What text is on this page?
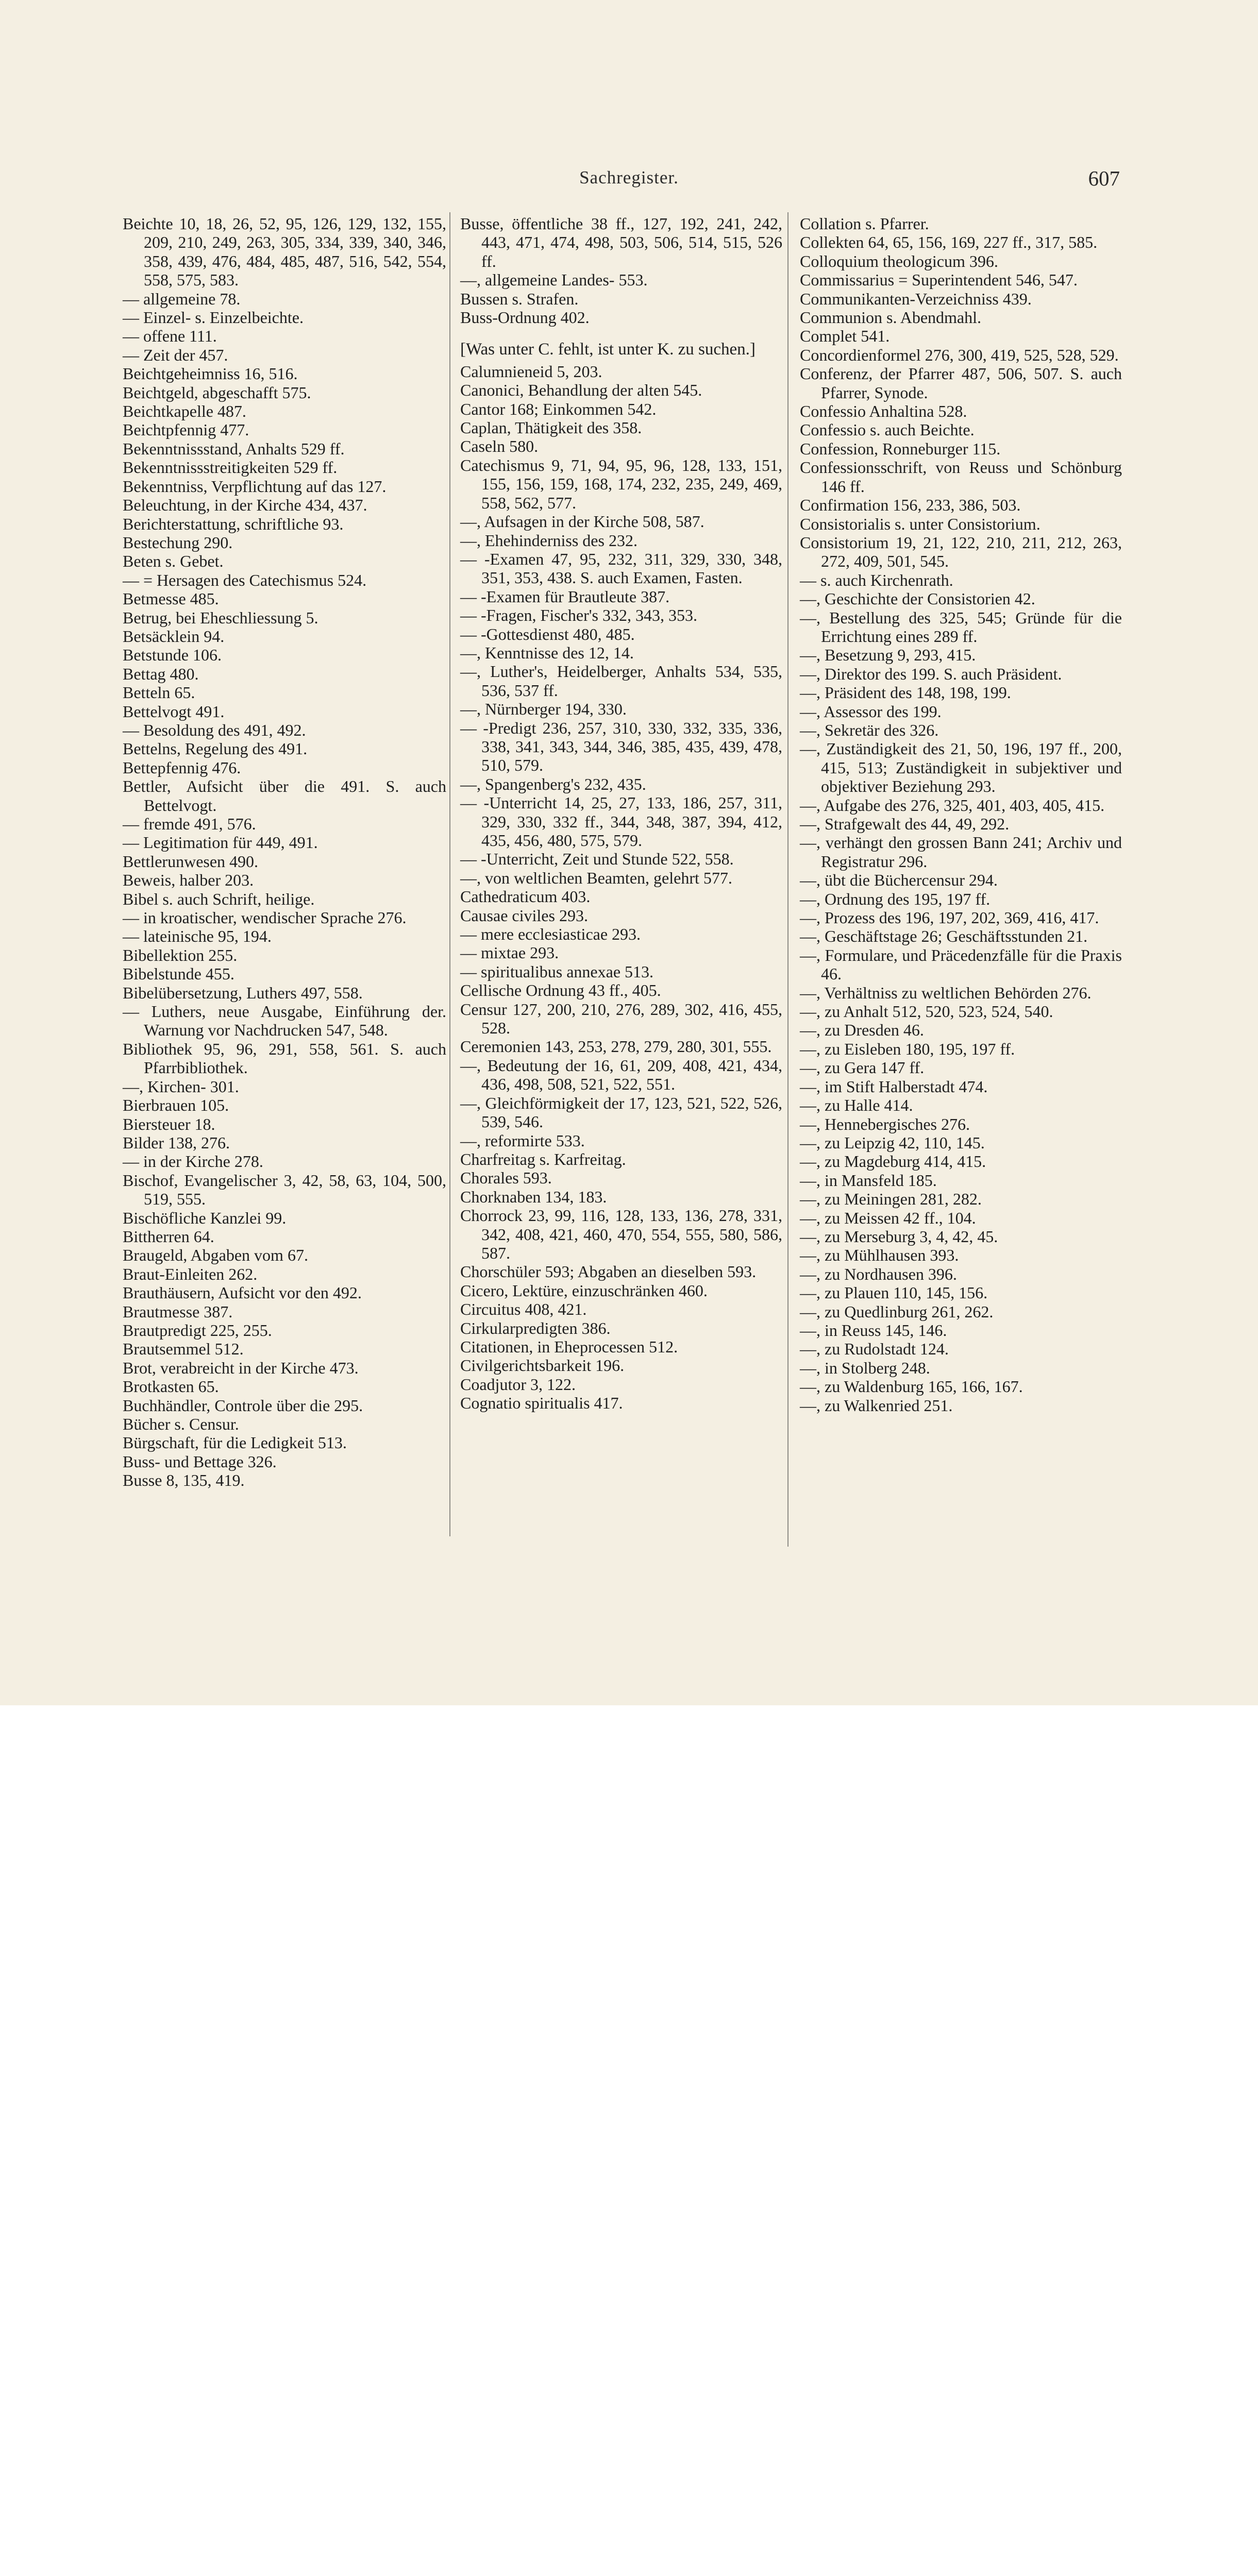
Sachregister.	607

Beichte 10, 18, 26, 52, 95, 126, 129, 132, 155, 209, 210, 249, 263, 305, 334, 339, 340, 346, 358, 439, 476, 484, 485, 487, 516, 542, 554, 558, 575, 583.

— allgemeine 78.

— Einzel- s. Einzelbeichte.

— offene 111.

— Zeit der 457.

Beichtgeheimniss 16, 516.

Beichtgeld, abgeschafft 575.

Beichtkapelle 487.

Beichtpfennig 477.

Bekenntnissstand, Anhalts 529 ff.

Bekenntnissstreitigkeiten 529 ff.

Bekenntniss, Verpflichtung auf das 127.

Beleuchtung, in der Kirche 434, 437.

Berichterstattung, schriftliche 93.

Bestechung 290.

Beten s. Gebet.

— = Hersagen des Catechismus 524.

Betmesse 485.

Betrug, bei Eheschliessung 5.

Betsäcklein 94.

Betstunde 106.

Bettag 480.

Betteln 65.

Bettelvogt 491.

— Besoldung des 491, 492.

Bettelns, Regelung des 491.

Bettepfennig 476.

Bettler, Aufsicht über die 491. S. auch Bettelvogt.

— fremde 491, 576.

— Legitimation für 449, 491.

Bettlerunwesen 490.

Beweis, halber 203.

Bibel s. auch Schrift, heilige.

— in kroatischer, wendischer Sprache 276.

— lateinische 95, 194.

Bibellektion 255.

Bibelstunde 455.

Bibelübersetzung, Luthers 497, 558.

— Luthers, neue Ausgabe, Einführung der. Warnung vor Nachdrucken 547, 548.

Bibliothek 95, 96, 291, 558, 561. S. auch Pfarrbibliothek.

—, Kirchen- 301.

Bierbrauen 105.

Biersteuer 18.

Bilder 138, 276.

— in der Kirche 278.

Bischof, Evangelischer 3, 42, 58, 63, 104, 500, 519, 555.

Bischöfliche Kanzlei 99.

Bittherren 64.

Braugeld, Abgaben vom 67.

Braut-Einleiten 262.

Brauthäusern, Aufsicht vor den 492.

Brautmesse 387.

Brautpredigt 225, 255.

Brautsemmel 512.

Brot, verabreicht in der Kirche 473.

Brotkasten 65.

Buchhändler, Controle über die 295.

Bücher s. Censur.

Bürgschaft, für die Ledigkeit 513.

Buss- und Bettage 326.

Busse 8, 135, 419.

Busse, öffentliche 38 ff., 127, 192, 241, 242, 443, 471, 474, 498, 503, 506, 514, 515, 526 ff.

—, allgemeine Landes- 553.

Bussen s. Strafen.

Buss-Ordnung 402.

[Was unter C. fehlt, ist unter K. zu suchen.]

Calumnieneid 5, 203.

Canonici, Behandlung der alten 545.

Cantor 168; Einkommen 542.

Caplan, Thätigkeit des 358.

Caseln 580.

Catechismus 9, 71, 94, 95, 96, 128, 133, 151, 155, 156, 159, 168, 174, 232, 235, 249, 469, 558, 562, 577.

—, Aufsagen in der Kirche 508, 587.

—, Ehehinderniss des 232.

— -Examen 47, 95, 232, 311, 329, 330, 348, 351, 353, 438. S. auch Examen, Fasten.

— -Examen für Brautleute 387.

— -Fragen, Fischer's 332, 343, 353.

— -Gottesdienst 480, 485.

—, Kenntnisse des 12, 14.

—, Luther's, Heidelberger, Anhalts 534, 535, 536, 537 ff.

—, Nürnberger 194, 330.

— -Predigt 236, 257, 310, 330, 332, 335, 336, 338, 341, 343, 344, 346, 385, 435, 439, 478, 510, 579.

—, Spangenberg's 232, 435.

— -Unterricht 14, 25, 27, 133, 186, 257, 311, 329, 330, 332 ff., 344, 348, 387, 394, 412, 435, 456, 480, 575, 579.

— -Unterricht, Zeit und Stunde 522, 558.

—, von weltlichen Beamten, gelehrt 577.

Cathedraticum 403.

Causae civiles 293.

— mere ecclesiasticae 293.

— mixtae 293.

— spiritualibus annexae 513.

Cellische Ordnung 43 ff., 405.

Censur 127, 200, 210, 276, 289, 302, 416, 455, 528.

Ceremonien 143, 253, 278, 279, 280, 301, 555.

—, Bedeutung der 16, 61, 209, 408, 421, 434, 436, 498, 508, 521, 522, 551.

—, Gleichförmigkeit der 17, 123, 521, 522, 526, 539, 546.

—, reformirte 533.

Charfreitag s. Karfreitag.

Chorales 593.

Chorknaben 134, 183.

Chorrock 23, 99, 116, 128, 133, 136, 278, 331, 342, 408, 421, 460, 470, 554, 555, 580, 586, 587.

Chorschüler 593; Abgaben an dieselben 593.

Cicero, Lektüre, einzuschränken 460.

Circuitus 408, 421.

Cirkularpredigten 386.

Citationen, in Eheprocessen 512.

Civilgerichtsbarkeit 196.

Coadjutor 3, 122.

Cognatio spiritualis 417.

Collation s. Pfarrer.

Collekten 64, 65, 156, 169, 227 ff., 317, 585.

Colloquium theologicum 396.

Commissarius = Superintendent 546, 547.

Communikanten-Verzeichniss 439.

Communion s. Abendmahl.

Complet 541.

Concordienformel 276, 300, 419, 525, 528, 529.

Conferenz, der Pfarrer 487, 506, 507. S. auch Pfarrer, Synode.

Confessio Anhaltina 528.

Confessio s. auch Beichte.

Confession, Ronneburger 115.

Confessionsschrift, von Reuss und Schönburg 146 ff.

Confirmation 156, 233, 386, 503.

Consistorialis s. unter Consistorium.

Consistorium 19, 21, 122, 210, 211, 212, 263, 272, 409, 501, 545.

— s. auch Kirchenrath.

—, Geschichte der Consistorien 42.

—, Bestellung des 325, 545; Gründe für die Errichtung eines 289 ff.

—, Besetzung 9, 293, 415.

—, Direktor des 199. S. auch Präsident.

—, Präsident des 148, 198, 199.

—, Assessor des 199.

—, Sekretär des 326.

—, Zuständigkeit des 21, 50, 196, 197 ff., 200, 415, 513; Zuständigkeit in subjektiver und objektiver Beziehung 293.

—, Aufgabe des 276, 325, 401, 403, 405, 415.

—, Strafgewalt des 44, 49, 292.

—, verhängt den grossen Bann 241; Archiv und Registratur 296.

—, übt die Büchercensur 294.

—, Ordnung des 195, 197 ff.

—, Prozess des 196, 197, 202, 369, 416, 417.

—, Geschäftstage 26; Geschäftsstunden 21.

—, Formulare, und Präcedenzfälle für die Praxis 46.

—, Verhältniss zu weltlichen Behörden 276.

—, zu Anhalt 512, 520, 523, 524, 540.

—, zu Dresden 46.

—, zu Eisleben 180, 195, 197 ff.

—, zu Gera 147 ff.

—, im Stift Halberstadt 474.

—, zu Halle 414.

—, Hennebergisches 276.

—, zu Leipzig 42, 110, 145.

—, zu Magdeburg 414, 415.

—, in Mansfeld 185.

—, zu Meiningen 281, 282.

—, zu Meissen 42 ff., 104.

—, zu Merseburg 3, 4, 42, 45.

—, zu Mühlhausen 393.

—, zu Nordhausen 396.

—, zu Plauen 110, 145, 156.

—, zu Quedlinburg 261, 262.

—, in Reuss 145, 146.

—, zu Rudolstadt 124.

—, in Stolberg 248.

—, zu Waldenburg 165, 166, 167.

—, zu Walkenried 251.
